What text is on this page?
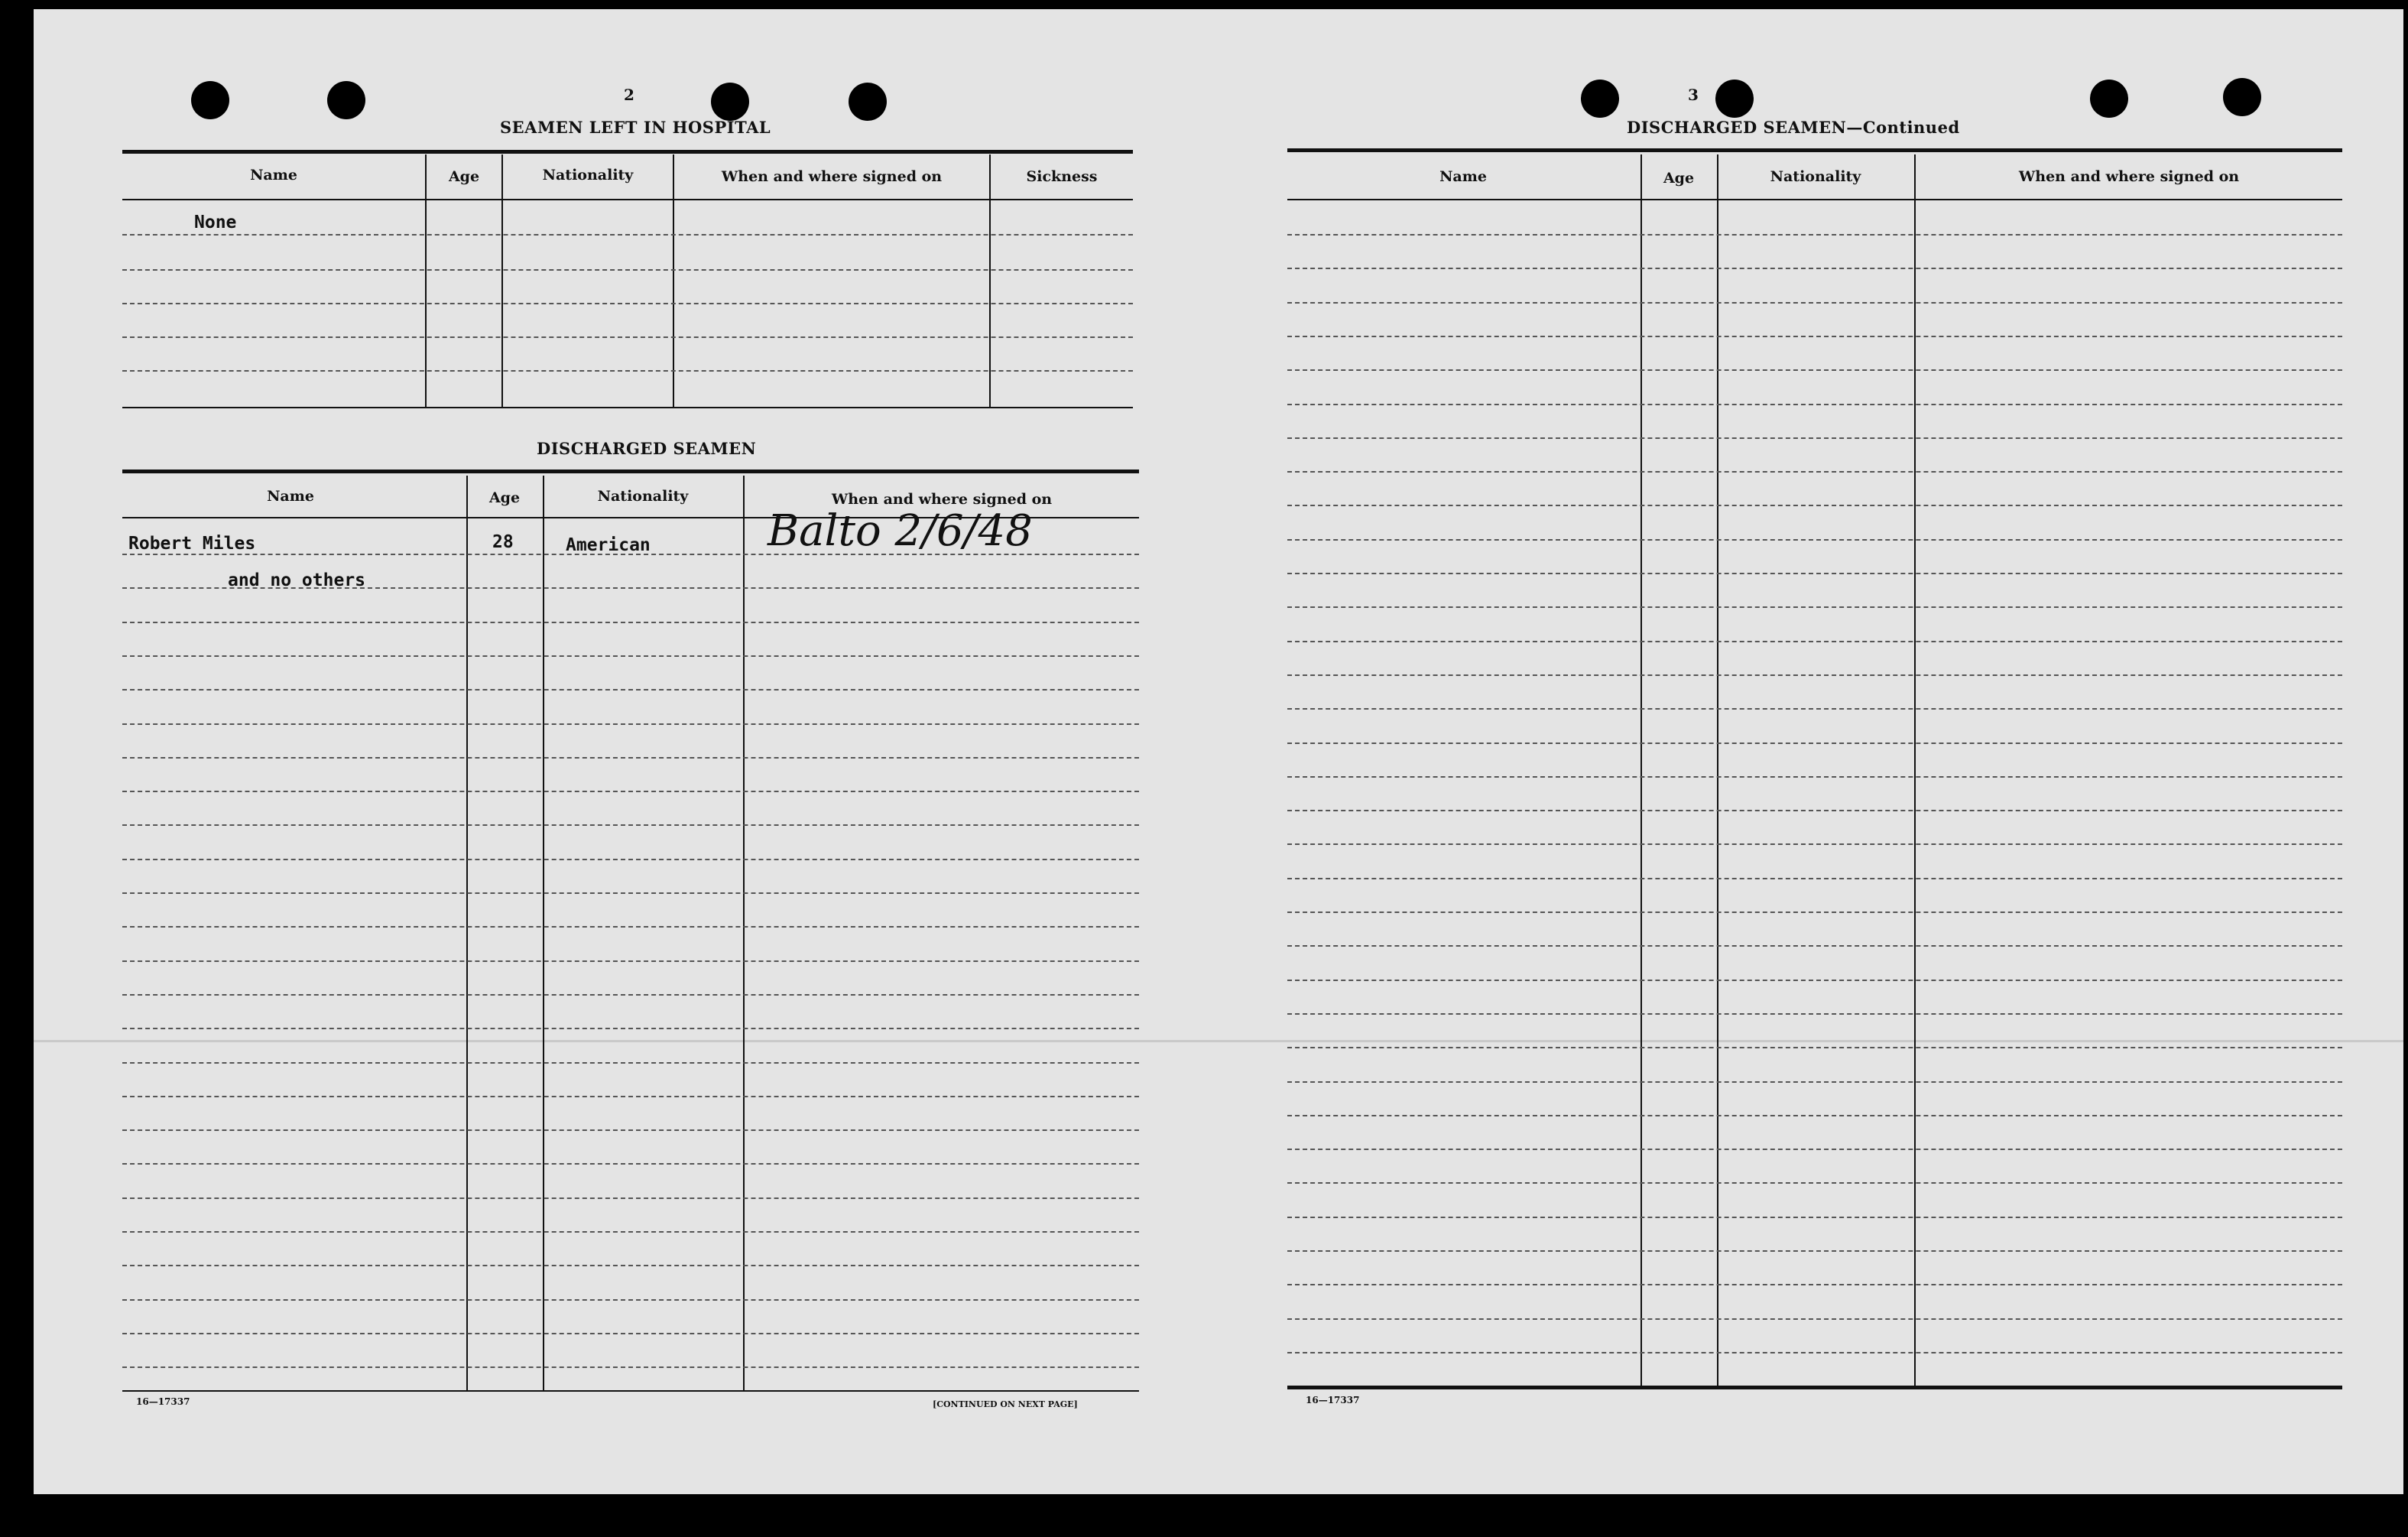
2
SEAMEN LEFT IN HOSPITAL
Name	Age	Nationality	When and where signed on	Sickness
None
DISCHARGED SEAMEN
Name	Age	Nationality	When and where signed on
Robert Miles	28	American	Balto 2/6/48
and no others
16—17337	[CONTINUED ON NEXT PAGE]
3
DISCHARGED SEAMEN—Continued
Name	Age	Nationality	When and where signed on
16—17337
